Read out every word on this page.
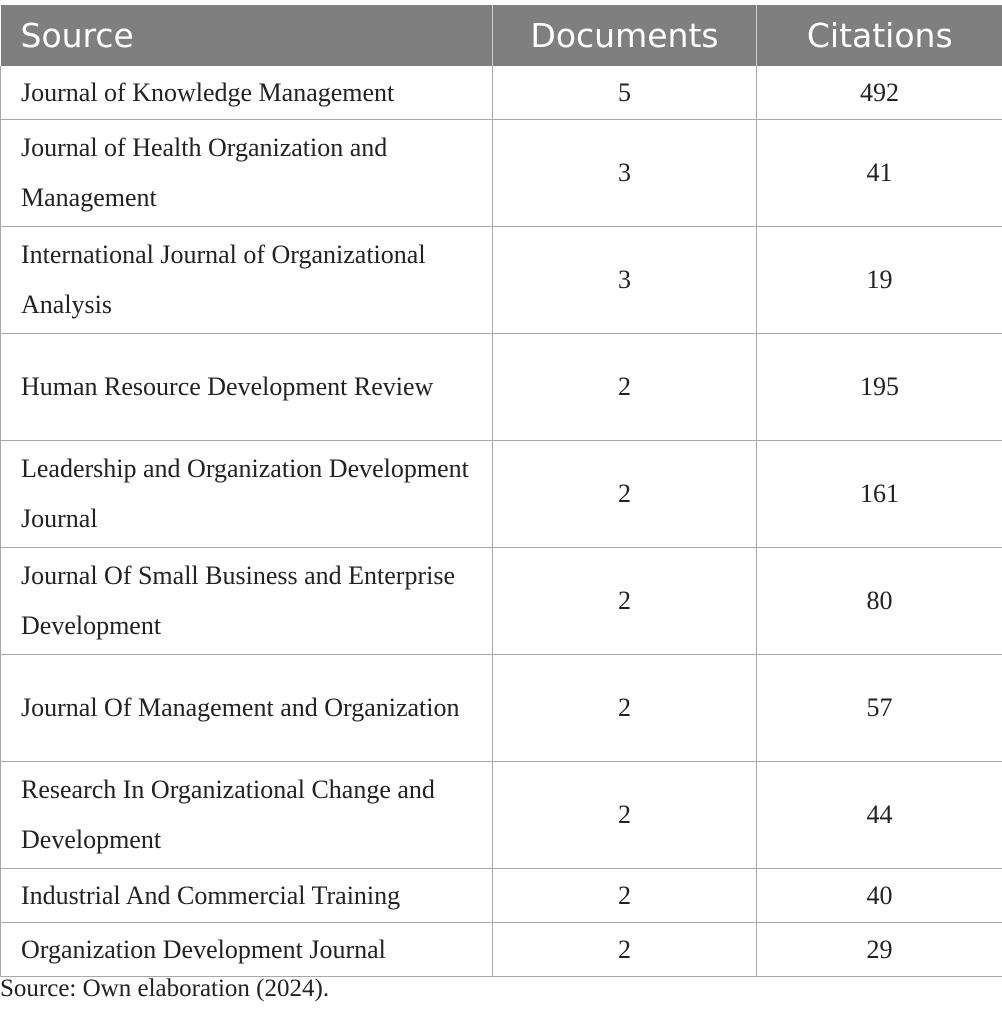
Source	Documents	Citations
Journal of Knowledge Management	5	492
Journal of Health Organization and Management	3	41
International Journal of Organizational Analysis	3	19
Human Resource Development Review	2	195
Leadership and Organization Development Journal	2	161
Journal Of Small Business and Enterprise Development	2	80
Journal Of Management and Organization	2	57
Research In Organizational Change and Development	2	44
Industrial And Commercial Training	2	40
Organization Development Journal	2	29
Source: Own elaboration (2024).
